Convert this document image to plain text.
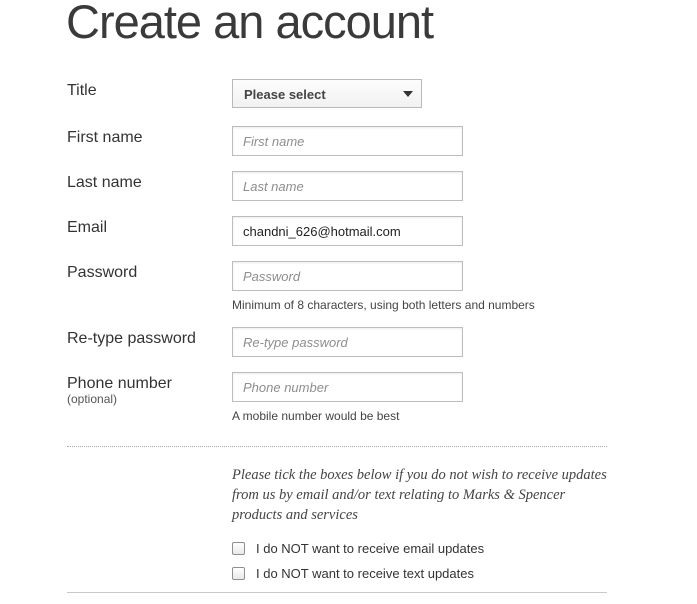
Create an account
Title	Please select
First name
First name
Last name
Last name
Email
chandni_626@hotmail.com
Password
Minimum of 8 characters, using both letters and numbers
Re-type password
Phone number
(optional)
Phone number
A mobile number would be best

Please tick the boxes below if you do not wish to receive updates from us by email and/or text relating to Marks & Spencer products and services

I do NOT want to receive email updates
I do NOT want to receive text updates
